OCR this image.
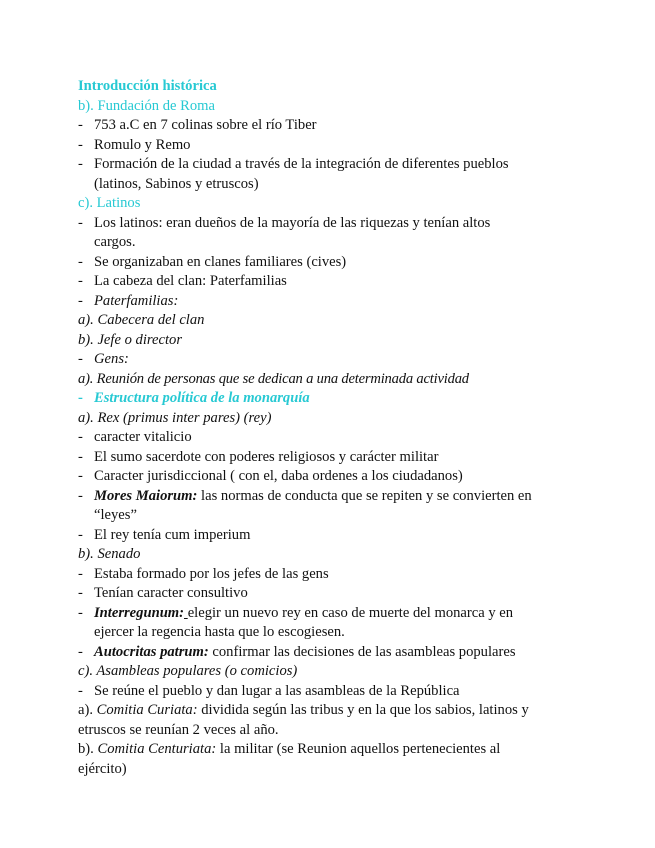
Introducción histórica
b). Fundación de Roma
- 753 a.C en 7 colinas sobre el río Tiber
- Romulo y Remo
- Formación de la ciudad a través de la integración de diferentes pueblos
(latinos, Sabinos y etruscos)
c). Latinos
- Los latinos: eran dueños de la mayoría de las riquezas y tenían altos
cargos.
- Se organizaban en clanes familiares (cives)
- La cabeza del clan: Paterfamilias
- Paterfamilias:
a). Cabecera del clan
b). Jefe o director
- Gens:
a). Reunión de personas que se dedican a una determinada actividad
- Estructura política de la monarquía
a). Rex (primus inter pares) (rey)
- caracter vitalicio
- El sumo sacerdote con poderes religiosos y carácter militar
- Caracter jurisdiccional ( con el, daba ordenes a los ciudadanos)
- Mores Maiorum: las normas de conducta que se repiten y se convierten en
“leyes”
- El rey tenía cum imperium
b). Senado
- Estaba formado por los jefes de las gens
- Tenían caracter consultivo
- Interregunum: elegir un nuevo rey en caso de muerte del monarca y en
ejercer la regencia hasta que lo escogiesen.
- Autocritas patrum: confirmar las decisiones de las asambleas populares
c). Asambleas populares (o comicios)
- Se reúne el pueblo y dan lugar a las asambleas de la República
a). Comitia Curiata: dividida según las tribus y en la que los sabios, latinos y
etruscos se reunían 2 veces al año.
b). Comitia Centuriata: la militar (se Reunion aquellos pertenecientes al
ejército)
